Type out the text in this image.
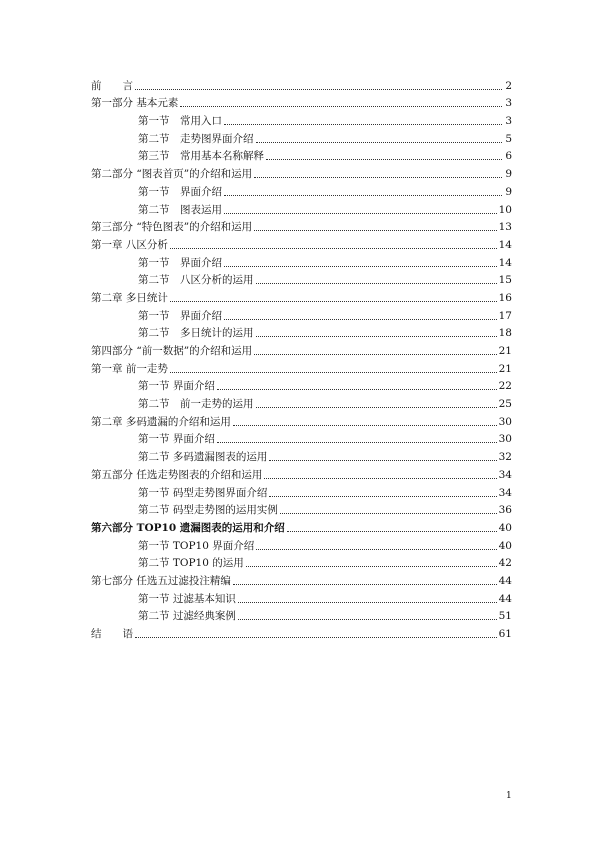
前　　言	2
第一部分 基本元素	3
第一节　常用入口	3
第二节　走势图界面介绍	5
第三节　常用基本名称解释	6
第二部分 “图表首页”的介绍和运用	9
第一节　界面介绍	9
第二节　图表运用	10
第三部分 “特色图表”的介绍和运用	13
第一章 八区分析	14
第一节　界面介绍	14
第二节　八区分析的运用	15
第二章 多日统计	16
第一节　界面介绍	17
第二节　多日统计的运用	18
第四部分 “前一数据”的介绍和运用	21
第一章 前一走势	21
第一节 界面介绍	22
第二节　前一走势的运用	25
第二章 多码遗漏的介绍和运用	30
第一节 界面介绍	30
第二节 多码遗漏图表的运用	32
第五部分 任选走势图表的介绍和运用	34
第一节 码型走势图界面介绍	34
第二节 码型走势图的运用实例	36
第六部分 TOP10 遗漏图表的运用和介绍	40
第一节 TOP10 界面介绍	40
第二节 TOP10 的运用	42
第七部分 任选五过滤投注精编	44
第一节 过滤基本知识	44
第二节 过滤经典案例	51
结　　语	61
1
